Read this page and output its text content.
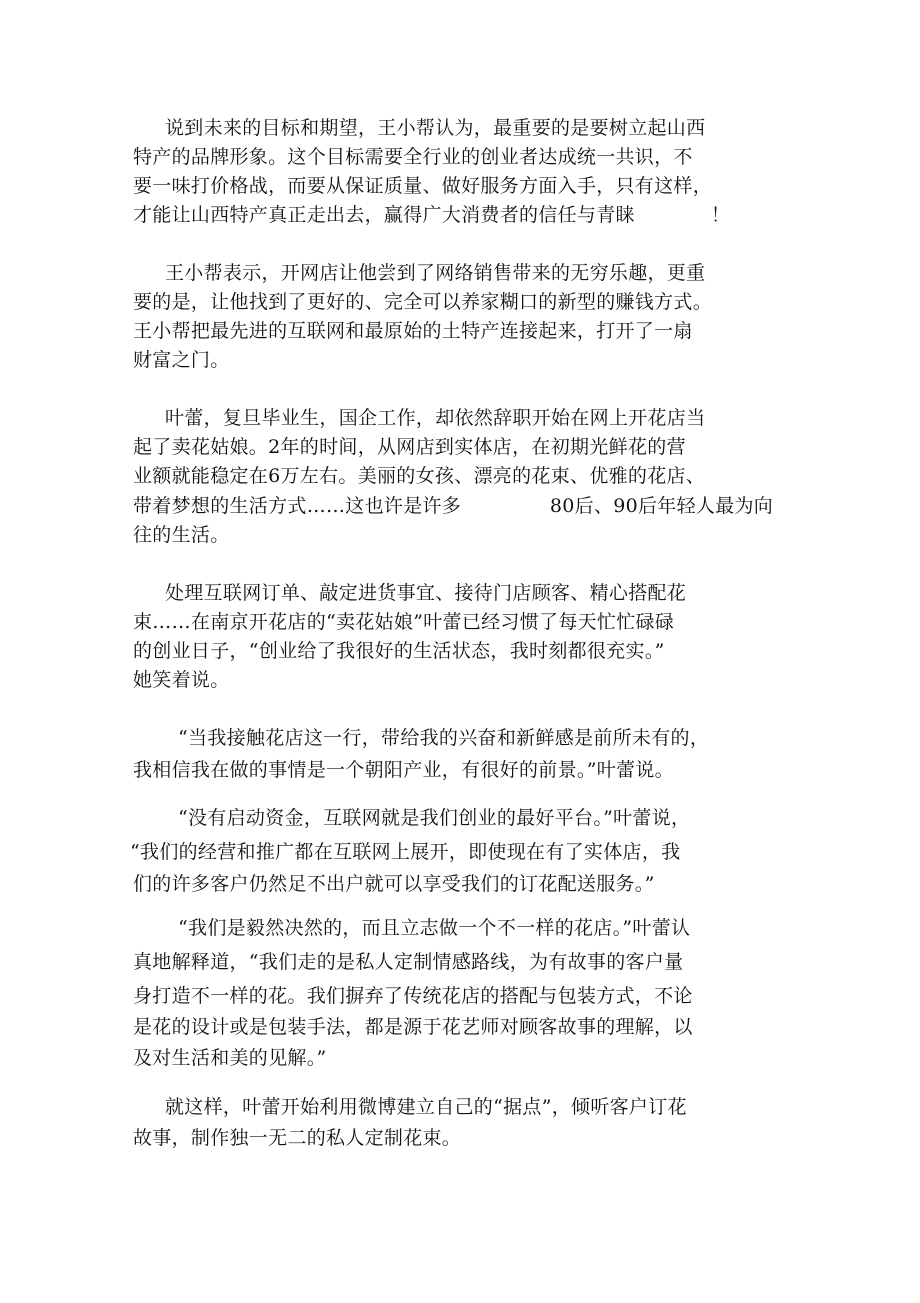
说到未来的目标和期望，王小帮认为，最重要的是要树立起山西
特产的品牌形象。这个目标需要全行业的创业者达成统一共识，不
要一味打价格战，而要从保证质量、做好服务方面入手，只有这样，
才能让山西特产真正走出去，赢得广大消费者的信任与青睐            ！
王小帮表示，开网店让他尝到了网络销售带来的无穷乐趣，更重
要的是，让他找到了更好的、完全可以养家糊口的新型的赚钱方式。
王小帮把最先进的互联网和最原始的土特产连接起来，打开了一扇
财富之门。
叶蕾，复旦毕业生，国企工作，却依然辞职开始在网上开花店当
起了卖花姑娘。2年的时间，从网店到实体店，在初期光鲜花的营
业额就能稳定在6万左右。美丽的女孩、漂亮的花束、优雅的花店、
带着梦想的生活方式……这也许是许多              80后、90后年轻人最为向
往的生活。
处理互联网订单、敲定进货事宜、接待门店顾客、精心搭配花
束……在南京开花店的“卖花姑娘”叶蕾已经习惯了每天忙忙碌碌
的创业日子，“创业给了我很好的生活状态，我时刻都很充实。”
她笑着说。
“当我接触花店这一行，带给我的兴奋和新鲜感是前所未有的，
我相信我在做的事情是一个朝阳产业，有很好的前景。”叶蕾说。
“没有启动资金，互联网就是我们创业的最好平台。”叶蕾说，
“我们的经营和推广都在互联网上展开，即使现在有了实体店，我
们的许多客户仍然足不出户就可以享受我们的订花配送服务。”
“我们是毅然决然的，而且立志做一个不一样的花店。”叶蕾认
真地解释道，“我们走的是私人定制情感路线，为有故事的客户量
身打造不一样的花。我们摒弃了传统花店的搭配与包装方式，不论
是花的设计或是包装手法，都是源于花艺师对顾客故事的理解，以
及对生活和美的见解。”
就这样，叶蕾开始利用微博建立自己的“据点”，倾听客户订花
故事，制作独一无二的私人定制花束。
